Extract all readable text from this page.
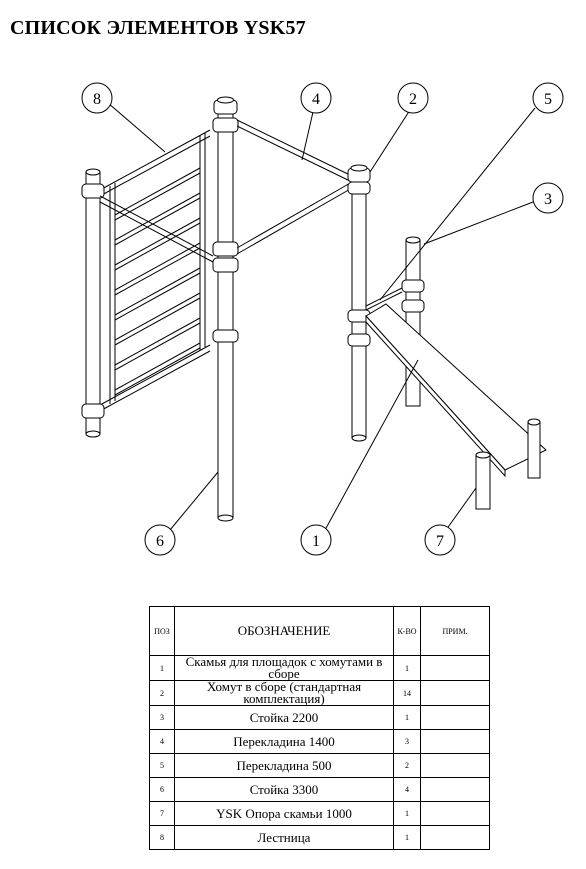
СПИСОК ЭЛЕМЕНТОВ YSK57
8	4	2	5
3
6	1	7
ПОЗ	ОБОЗНАЧЕНИЕ	К-ВО	ПРИМ.
1	Скамья для площадок с хомутами в сборе	1	
2	Хомут в сборе (стандартная комплектация)	14	
3	Стойка 2200	1	
4	Перекладина 1400	3	
5	Перекладина 500	2	
6	Стойка 3300	4	
7	YSK Опора скамьи 1000	1	
8	Лестница	1	
